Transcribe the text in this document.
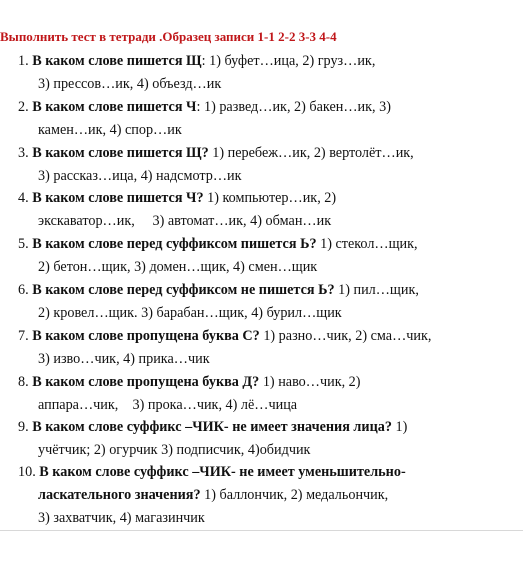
Выполнить тест в тетради .Образец записи 1-1 2-2 3-3 4-4
1. В каком слове пишется Щ: 1) буфет…ица, 2) груз…ик,
3) прессов…ик, 4) объезд…ик
2. В каком слове пишется Ч: 1) развед…ик, 2) бакен…ик, 3)
камен…ик, 4) спор…ик
3. В каком слове пишется Щ? 1) перебеж…ик, 2) вертолёт…ик,
3) рассказ…ица, 4) надсмотр…ик
4. В каком слове пишется Ч? 1) компьютер…ик, 2)
экскаватор…ик,     3) автомат…ик, 4) обман…ик
5. В каком слове перед суффиксом пишется Ь? 1) стекол…щик,
2) бетон…щик, 3) домен…щик, 4) смен…щик
6. В каком слове перед суффиксом не пишется Ь? 1) пил…щик,
2) кровел…щик. 3) барабан…щик, 4) бурил…щик
7. В каком слове пропущена буква С? 1) разно…чик, 2) сма…чик,
3) изво…чик, 4) прика…чик
8. В каком слове пропущена буква Д? 1) наво…чик, 2)
аппара…чик,    3) прока…чик, 4) лё…чица
9. В каком слове суффикс –ЧИК- не имеет значения лица? 1)
учётчик; 2) огурчик 3) подписчик, 4)обидчик
10. В каком слове суффикс –ЧИК- не имеет уменьшительно-
ласкательного значения? 1) баллончик, 2) медальончик,
3) захватчик, 4) магазинчик
